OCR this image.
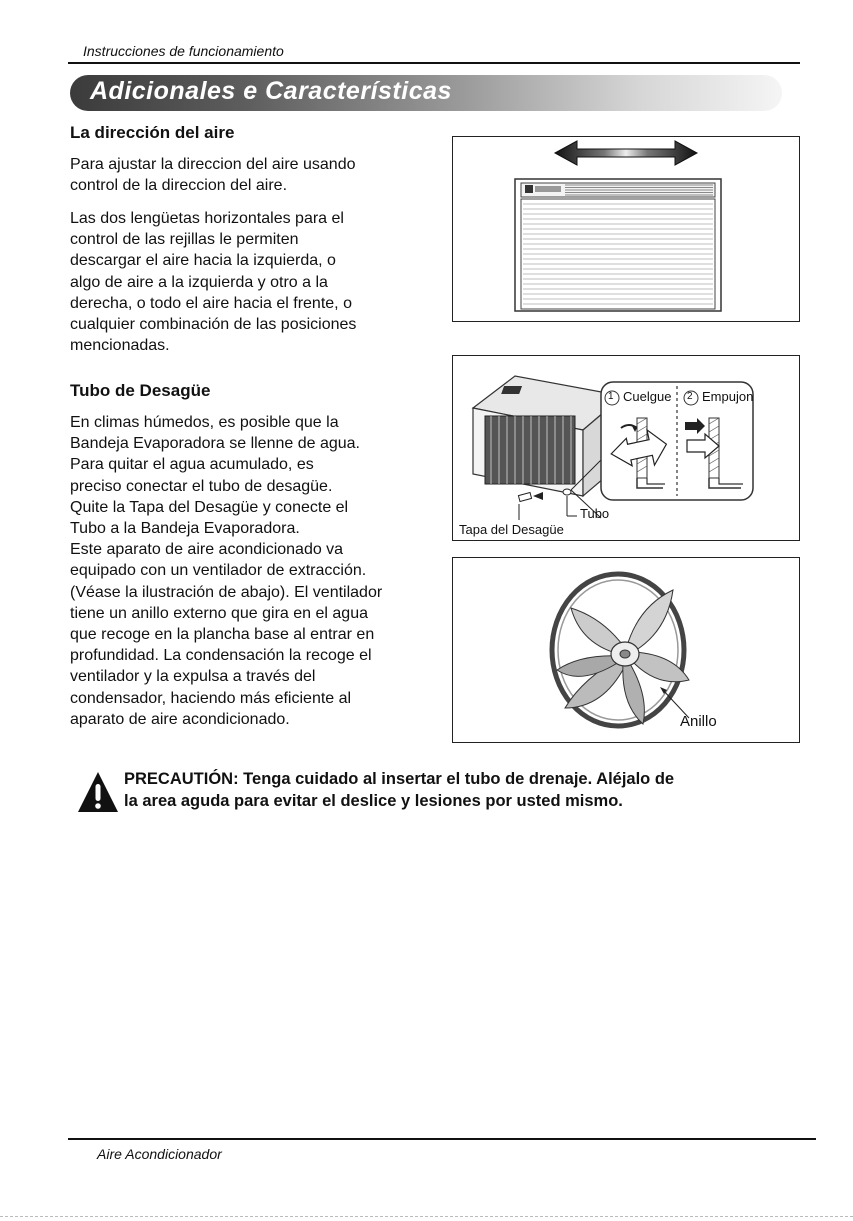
Instrucciones de funcionamiento
Adicionales e Características
La dirección del aire
Para ajustar la direccion del aire usando
control de la direccion del aire.
Las dos lengüetas horizontales para el
control de las rejillas le permiten
descargar el aire hacia la izquierda, o
algo de aire a la izquierda y otro a la
derecha, o todo el aire hacia el frente, o
cualquier combinación de las posiciones
mencionadas.
Tubo de Desagüe
En climas húmedos, es posible que la
Bandeja Evaporadora se llenne de agua.
Para quitar el agua acumulado, es
preciso conectar el tubo de desagüe.
Quite la Tapa del Desagüe y conecte el
Tubo a la Bandeja Evaporadora.
Este aparato de aire acondicionado va
equipado con un ventilador de extracción.
(Véase la ilustración de abajo). El ventilador
tiene un anillo externo que gira en el agua
que recoge en la plancha base al entrar en
profundidad. La condensación la recoge el
ventilador y la expulsa a través del
condensador, haciendo más eficiente al
aparato de aire acondicionado.
1 Cuelgue 2 Empujon
Tubo
Tapa del Desagüe
Anillo
PRECAUTIÓN: Tenga cuidado al insertar el tubo de drenaje. Aléjalo de
la area aguda para evitar el deslice y lesiones por usted mismo.
Aire Acondicionador
